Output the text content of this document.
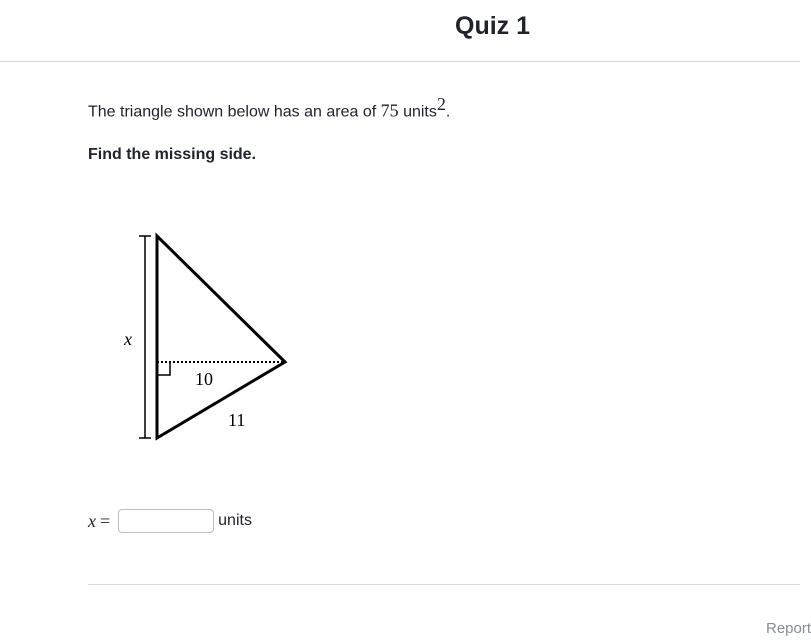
Quiz 1

The triangle shown below has an area of 75 units$^2$.

Find the missing side.

x
10
11
x =	units
Report
